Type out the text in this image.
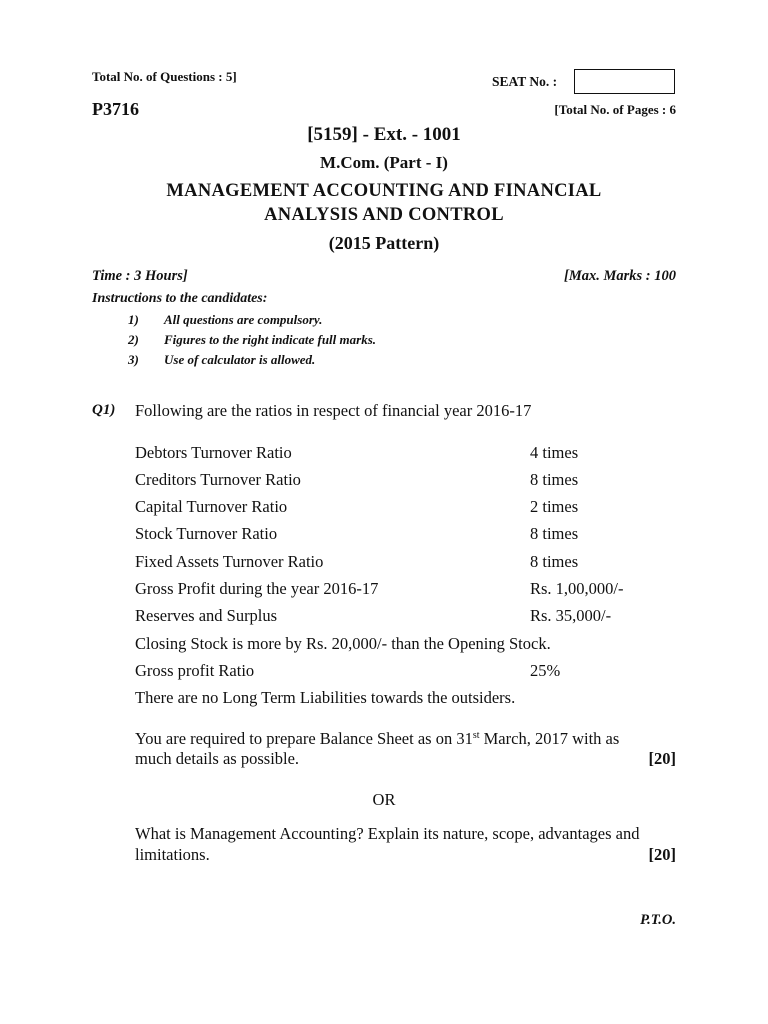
Total No. of Questions : 5]	SEAT No. :
P3716	[Total No. of Pages : 6
[5159] - Ext. - 1001
M.Com. (Part - I)
MANAGEMENT ACCOUNTING AND FINANCIAL
ANALYSIS AND CONTROL
(2015 Pattern)
Time : 3 Hours]	[Max. Marks : 100
Instructions to the candidates:
1) All questions are compulsory.
2) Figures to the right indicate full marks.
3) Use of calculator is allowed.
Q1) Following are the ratios in respect of financial year 2016-17
Debtors Turnover Ratio	4 times
Creditors Turnover Ratio	8 times
Capital Turnover Ratio	2 times
Stock Turnover Ratio	8 times
Fixed Assets Turnover Ratio	8 times
Gross Profit during the year 2016-17	Rs. 1,00,000/-
Reserves and Surplus	Rs. 35,000/-
Closing Stock is more by Rs. 20,000/- than the Opening Stock.
Gross profit Ratio	25%
There are no Long Term Liabilities towards the outsiders.
You are required to prepare Balance Sheet as on 31st March, 2017 with as
much details as possible.	[20]
OR
What is Management Accounting? Explain its nature, scope, advantages and
limitations.	[20]
P.T.O.
